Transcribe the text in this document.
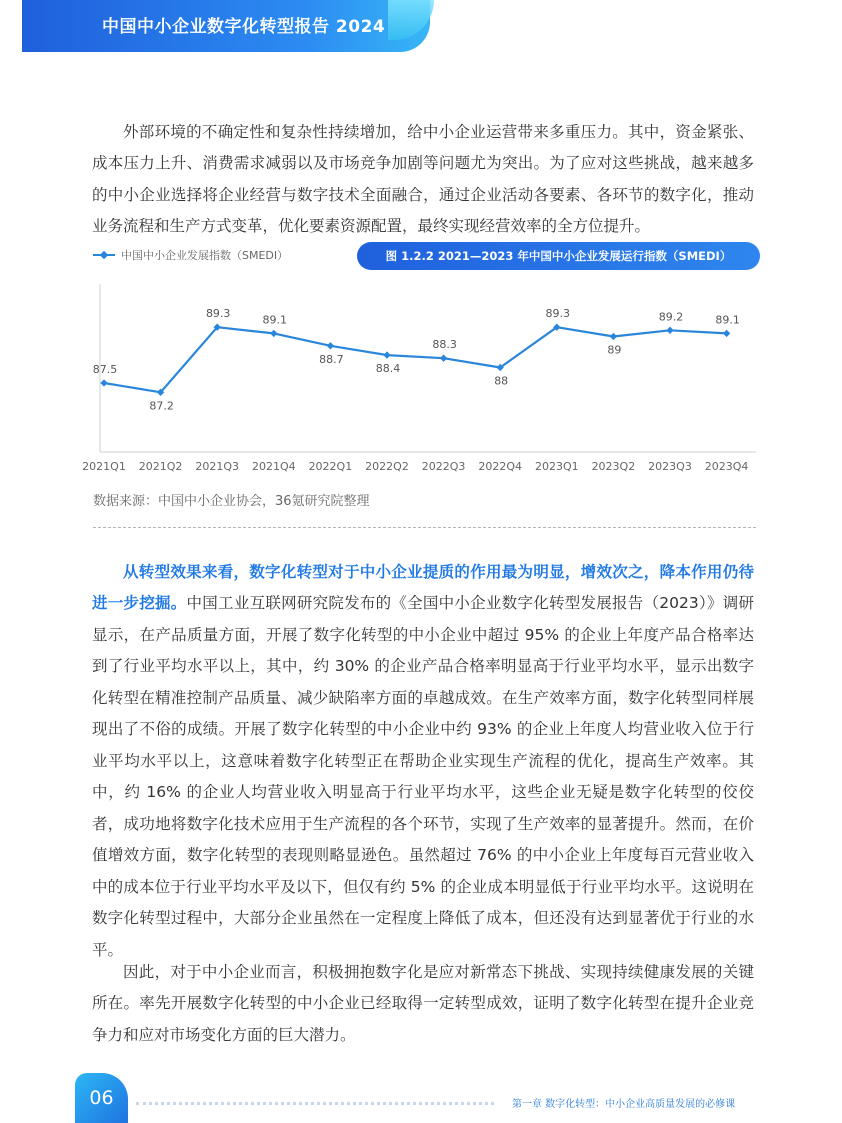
中国中小企业数字化转型报告 2024

外部环境的不确定性和复杂性持续增加，给中小企业运营带来多重压力。其中，资金紧张、成本压力上升、消费需求减弱以及市场竞争加剧等问题尤为突出。为了应对这些挑战，越来越多的中小企业选择将企业经营与数字技术全面融合，通过企业活动各要素、各环节的数字化，推动业务流程和生产方式变革，优化要素资源配置，最终实现经营效率的全方位提升。

中国中小企业发展指数（SMEDI）	图 1.2.2 2021—2023 年中国中小企业发展运行指数（SMEDI）
87.5
87.2
89.3	89.1
88.7
88.4
88.3
88
89.3
89
89.2	89.1
2021Q1 2021Q2 2021Q3 2021Q4 2022Q1 2022Q2 2022Q3 2022Q4 2023Q1 2023Q2 2023Q3 2023Q4
数据来源：中国中小企业协会，36氪研究院整理

从转型效果来看，数字化转型对于中小企业提质的作用最为明显，增效次之，降本作用仍待进一步挖掘。中国工业互联网研究院发布的《全国中小企业数字化转型发展报告（2023）》调研显示，在产品质量方面，开展了数字化转型的中小企业中超过 95% 的企业上年度产品合格率达到了行业平均水平以上，其中，约 30% 的企业产品合格率明显高于行业平均水平，显示出数字化转型在精准控制产品质量、减少缺陷率方面的卓越成效。在生产效率方面，数字化转型同样展现出了不俗的成绩。开展了数字化转型的中小企业中约 93% 的企业上年度人均营业收入位于行业平均水平以上，这意味着数字化转型正在帮助企业实现生产流程的优化，提高生产效率。其中，约 16% 的企业人均营业收入明显高于行业平均水平，这些企业无疑是数字化转型的佼佼者，成功地将数字化技术应用于生产流程的各个环节，实现了生产效率的显著提升。然而，在价值增效方面，数字化转型的表现则略显逊色。虽然超过 76% 的中小企业上年度每百元营业收入中的成本位于行业平均水平及以下，但仅有约 5% 的企业成本明显低于行业平均水平。这说明在数字化转型过程中，大部分企业虽然在一定程度上降低了成本，但还没有达到显著优于行业的水平。

因此，对于中小企业而言，积极拥抱数字化是应对新常态下挑战、实现持续健康发展的关键所在。率先开展数字化转型的中小企业已经取得一定转型成效，证明了数字化转型在提升企业竞争力和应对市场变化方面的巨大潜力。

06	第一章 数字化转型：中小企业高质量发展的必修课
